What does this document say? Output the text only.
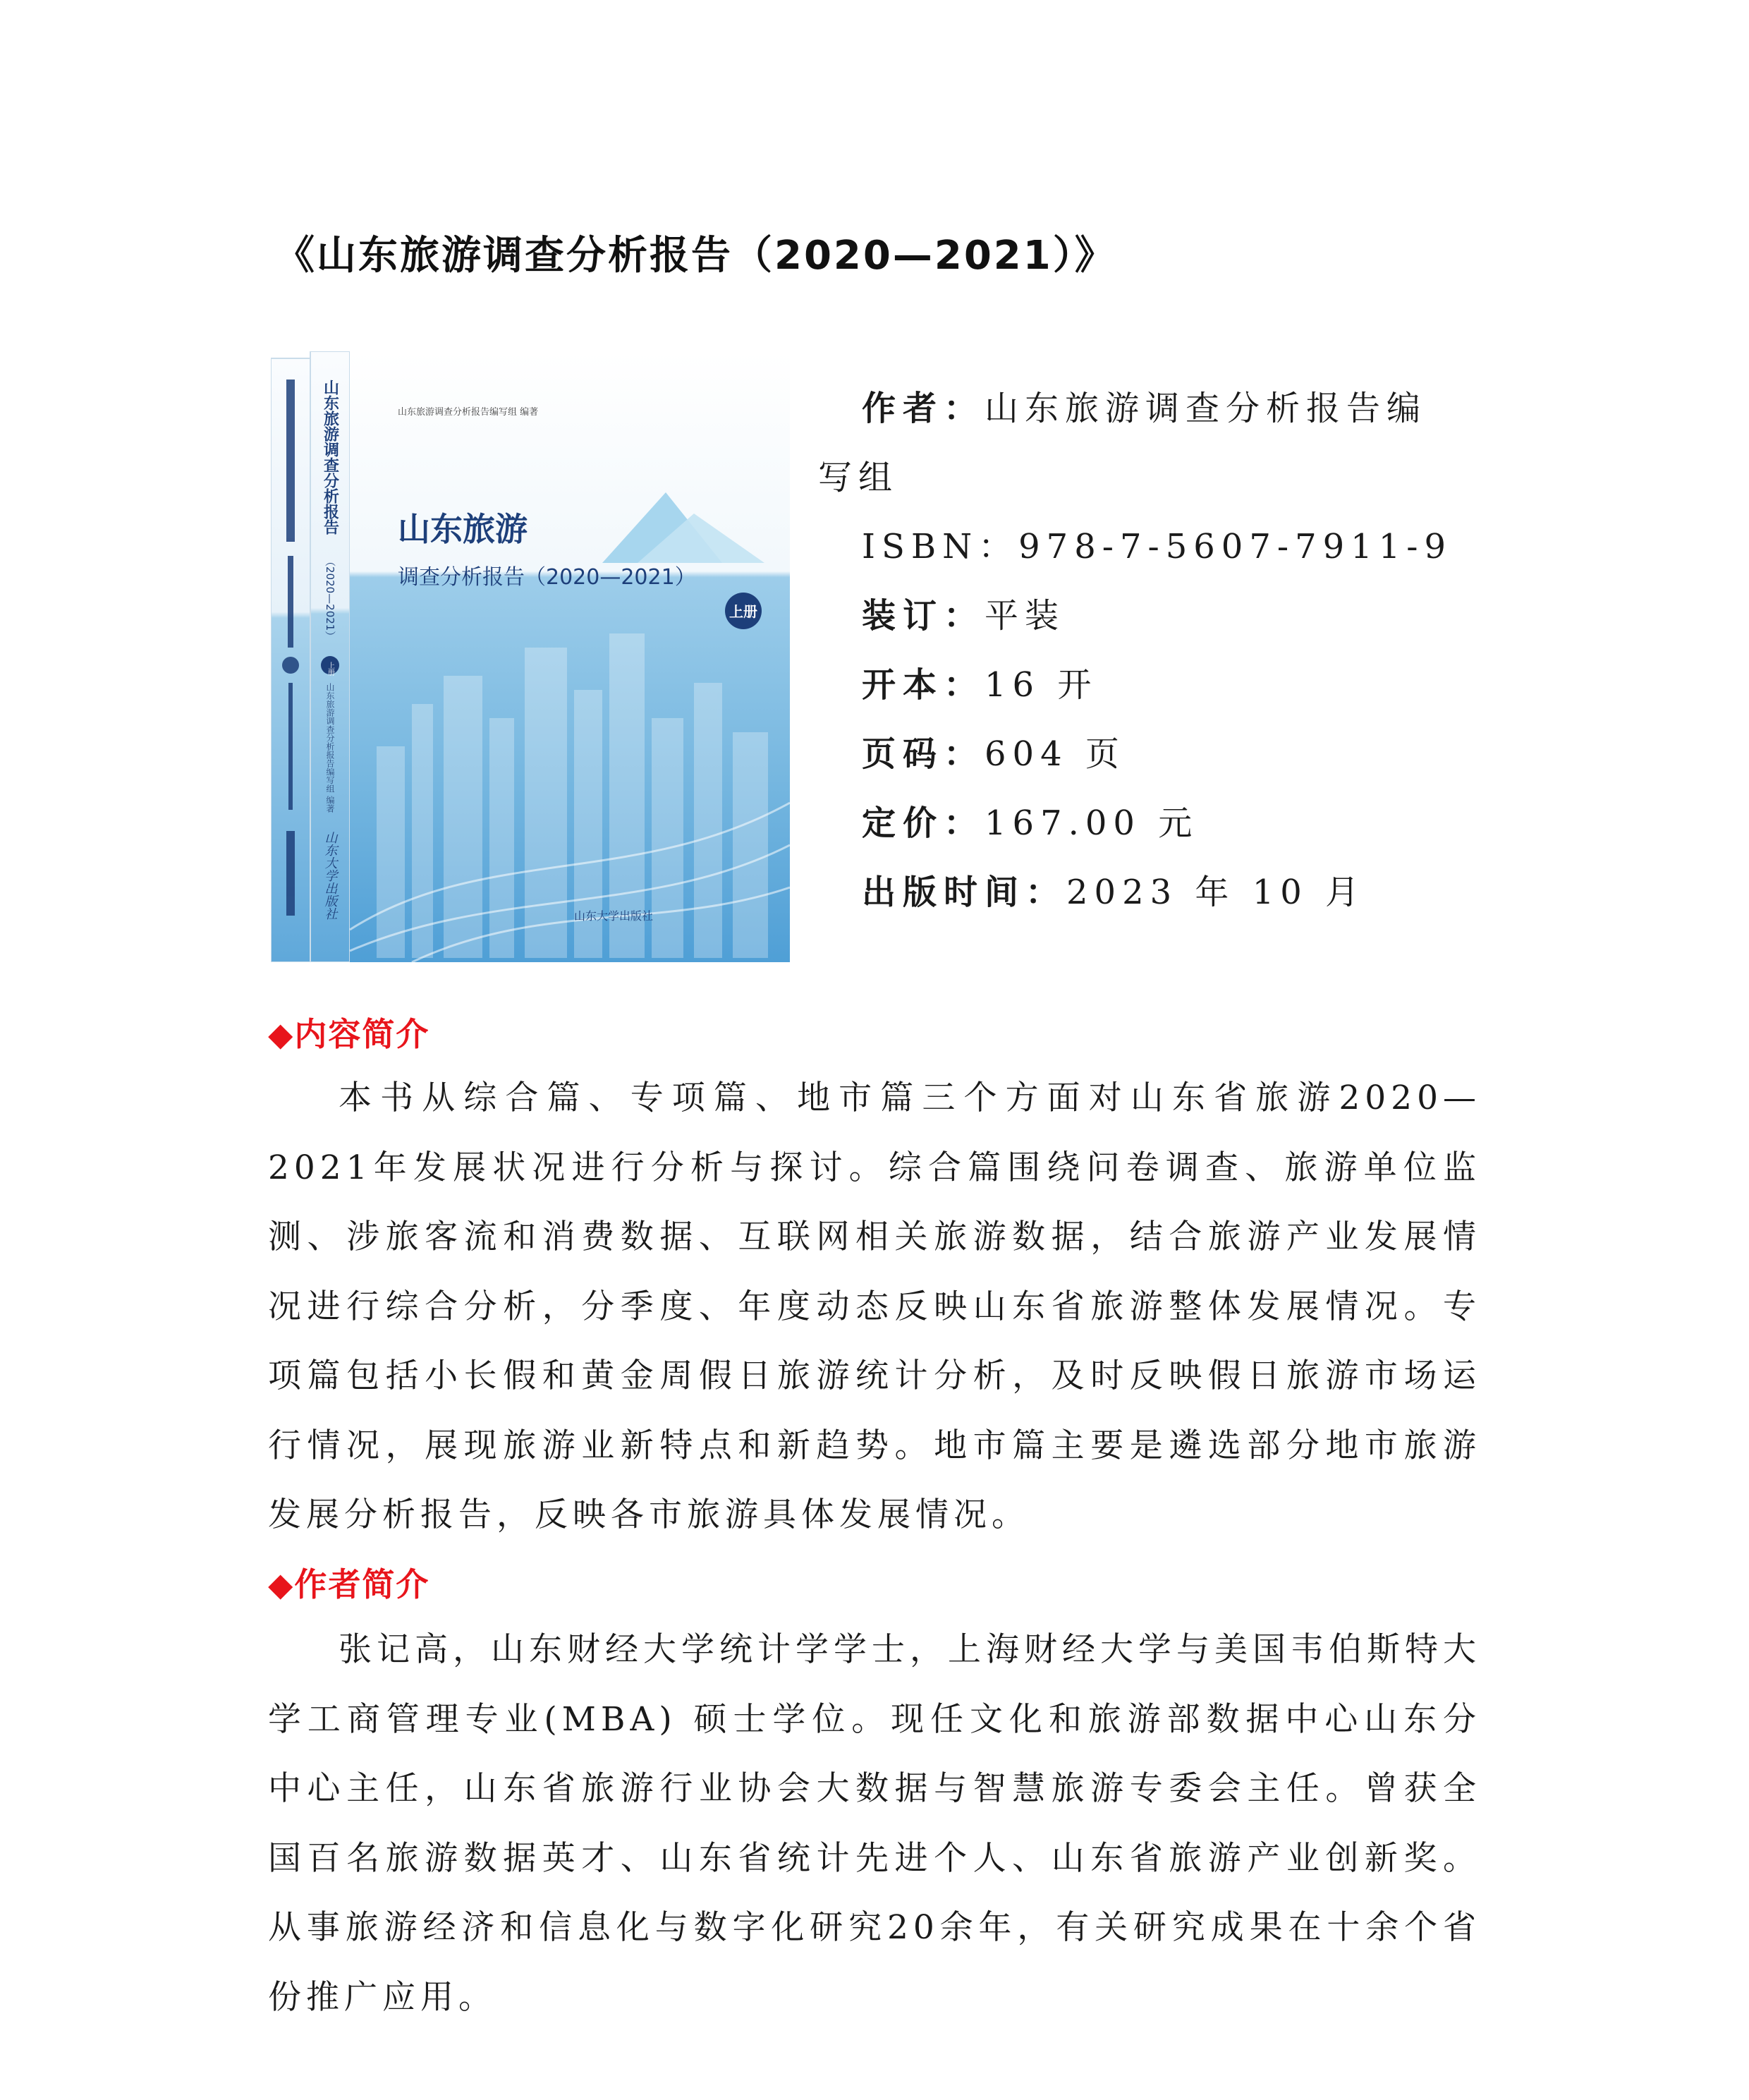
《山东旅游调查分析报告（2020—2021）》
山东旅游调查分析报告编写组 编著
山东旅游
调查分析报告（2020—2021）
上册
山东大学出版社
山东旅游调查分析报告
（2020—2021）
上册
山东旅游调查分析报告编写组 编著
山东大学出版社

作者：山东旅游调查分析报告编

写组

ISBN：978-7-5607-7911-9

装订：平装

开本：16 开

页码：604 页

定价：167.00 元

出版时间：2023 年 10 月

◆内容简介

本书从综合篇、专项篇、地市篇三个方面对山东省旅游2020—2021年发展状况进行分析与探讨。综合篇围绕问卷调查、旅游单位监测、涉旅客流和消费数据、互联网相关旅游数据，结合旅游产业发展情况进行综合分析，分季度、年度动态反映山东省旅游整体发展情况。专项篇包括小长假和黄金周假日旅游统计分析，及时反映假日旅游市场运行情况，展现旅游业新特点和新趋势。地市篇主要是遴选部分地市旅游发展分析报告，反映各市旅游具体发展情况。

◆作者简介

张记高，山东财经大学统计学学士，上海财经大学与美国韦伯斯特大学工商管理专业(MBA) 硕士学位。现任文化和旅游部数据中心山东分中心主任，山东省旅游行业协会大数据与智慧旅游专委会主任。曾获全国百名旅游数据英才、山东省统计先进个人、山东省旅游产业创新奖。从事旅游经济和信息化与数字化研究20余年，有关研究成果在十余个省份推广应用。
